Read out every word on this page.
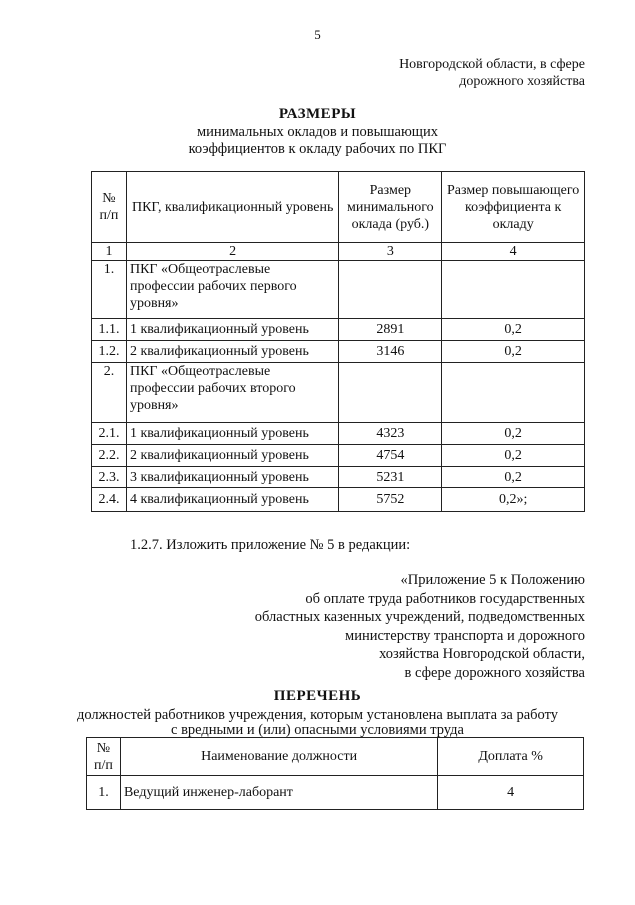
5
Новгородской области, в сфере
дорожного хозяйства
РАЗМЕРЫ
минимальных окладов и повышающих
коэффициентов к окладу рабочих по ПКГ
№ п/п	ПКГ, квалификационный уровень	Размер минимального оклада (руб.)	Размер повышающего коэффициента к окладу
1	2	3	4
1.	ПКГ «Общеотраслевые профессии рабочих первого уровня»		
1.1.	1 квалификационный уровень	2891	0,2
1.2.	2 квалификационный уровень	3146	0,2
2.	ПКГ «Общеотраслевые профессии рабочих второго уровня»		
2.1.	1 квалификационный уровень	4323	0,2
2.2.	2 квалификационный уровень	4754	0,2
2.3.	3 квалификационный уровень	5231	0,2
2.4.	4 квалификационный уровень	5752	0,2»;
1.2.7. Изложить приложение № 5 в редакции:
«Приложение 5 к Положению
об оплате труда работников государственных
областных казенных учреждений, подведомственных
министерству транспорта и дорожного
хозяйства Новгородской области,
в сфере дорожного хозяйства
ПЕРЕЧЕНЬ
должностей работников учреждения, которым установлена выплата за работу
с вредными и (или) опасными условиями труда
№ п/п	Наименование должности	Доплата %
1.	Ведущий инженер-лаборант	4
